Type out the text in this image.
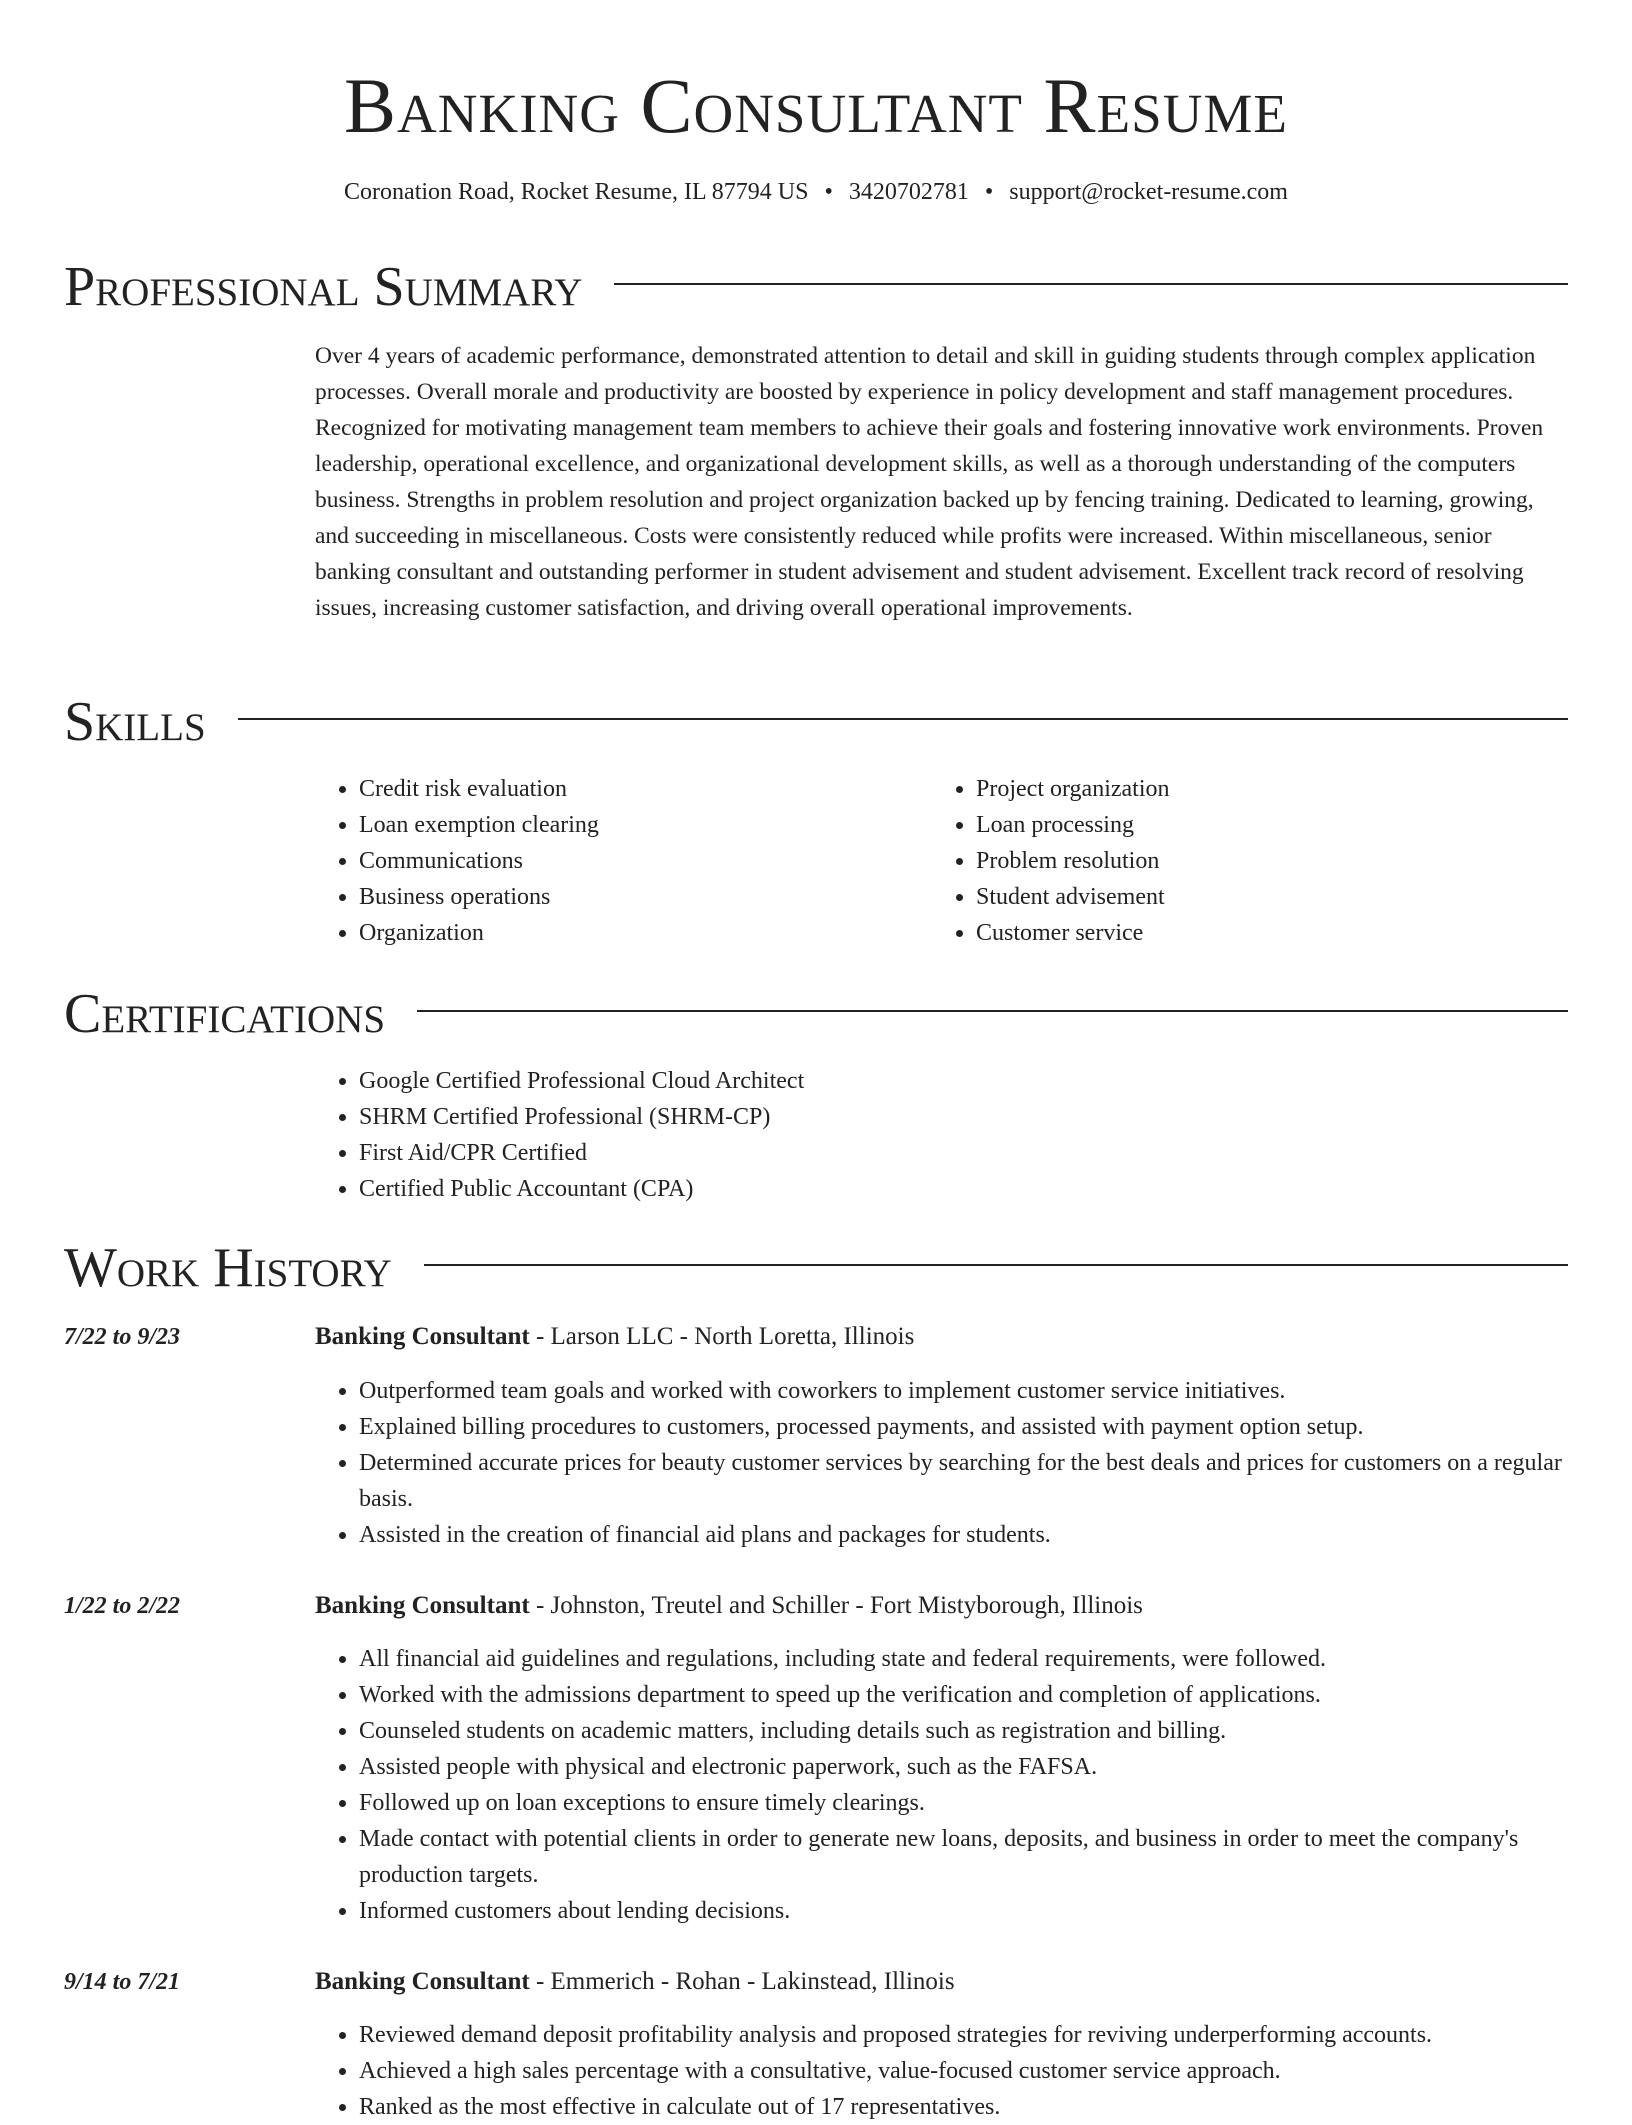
Banking Consultant Resume
Coronation Road, Rocket Resume, IL 87794 US • 3420702781 • support@rocket-resume.com
Professional Summary
Over 4 years of academic performance, demonstrated attention to detail and skill in guiding students through complex application processes. Overall morale and productivity are boosted by experience in policy development and staff management procedures. Recognized for motivating management team members to achieve their goals and fostering innovative work environments. Proven leadership, operational excellence, and organizational development skills, as well as a thorough understanding of the computers business. Strengths in problem resolution and project organization backed up by fencing training. Dedicated to learning, growing, and succeeding in miscellaneous. Costs were consistently reduced while profits were increased. Within miscellaneous, senior banking consultant and outstanding performer in student advisement and student advisement. Excellent track record of resolving issues, increasing customer satisfaction, and driving overall operational improvements.
Skills
• Credit risk evaluation
• Loan exemption clearing
• Communications
• Business operations
• Organization
• Project organization
• Loan processing
• Problem resolution
• Student advisement
• Customer service
Certifications
• Google Certified Professional Cloud Architect
• SHRM Certified Professional (SHRM-CP)
• First Aid/CPR Certified
• Certified Public Accountant (CPA)
Work History
7/22 to 9/23	Banking Consultant - Larson LLC - North Loretta, Illinois
• Outperformed team goals and worked with coworkers to implement customer service initiatives.
• Explained billing procedures to customers, processed payments, and assisted with payment option setup.
• Determined accurate prices for beauty customer services by searching for the best deals and prices for customers on a regular basis.
• Assisted in the creation of financial aid plans and packages for students.
1/22 to 2/22	Banking Consultant - Johnston, Treutel and Schiller - Fort Mistyborough, Illinois
• All financial aid guidelines and regulations, including state and federal requirements, were followed.
• Worked with the admissions department to speed up the verification and completion of applications.
• Counseled students on academic matters, including details such as registration and billing.
• Assisted people with physical and electronic paperwork, such as the FAFSA.
• Followed up on loan exceptions to ensure timely clearings.
• Made contact with potential clients in order to generate new loans, deposits, and business in order to meet the company's production targets.
• Informed customers about lending decisions.
9/14 to 7/21	Banking Consultant - Emmerich - Rohan - Lakinstead, Illinois
• Reviewed demand deposit profitability analysis and proposed strategies for reviving underperforming accounts.
• Achieved a high sales percentage with a consultative, value-focused customer service approach.
• Ranked as the most effective in calculate out of 17 representatives.
